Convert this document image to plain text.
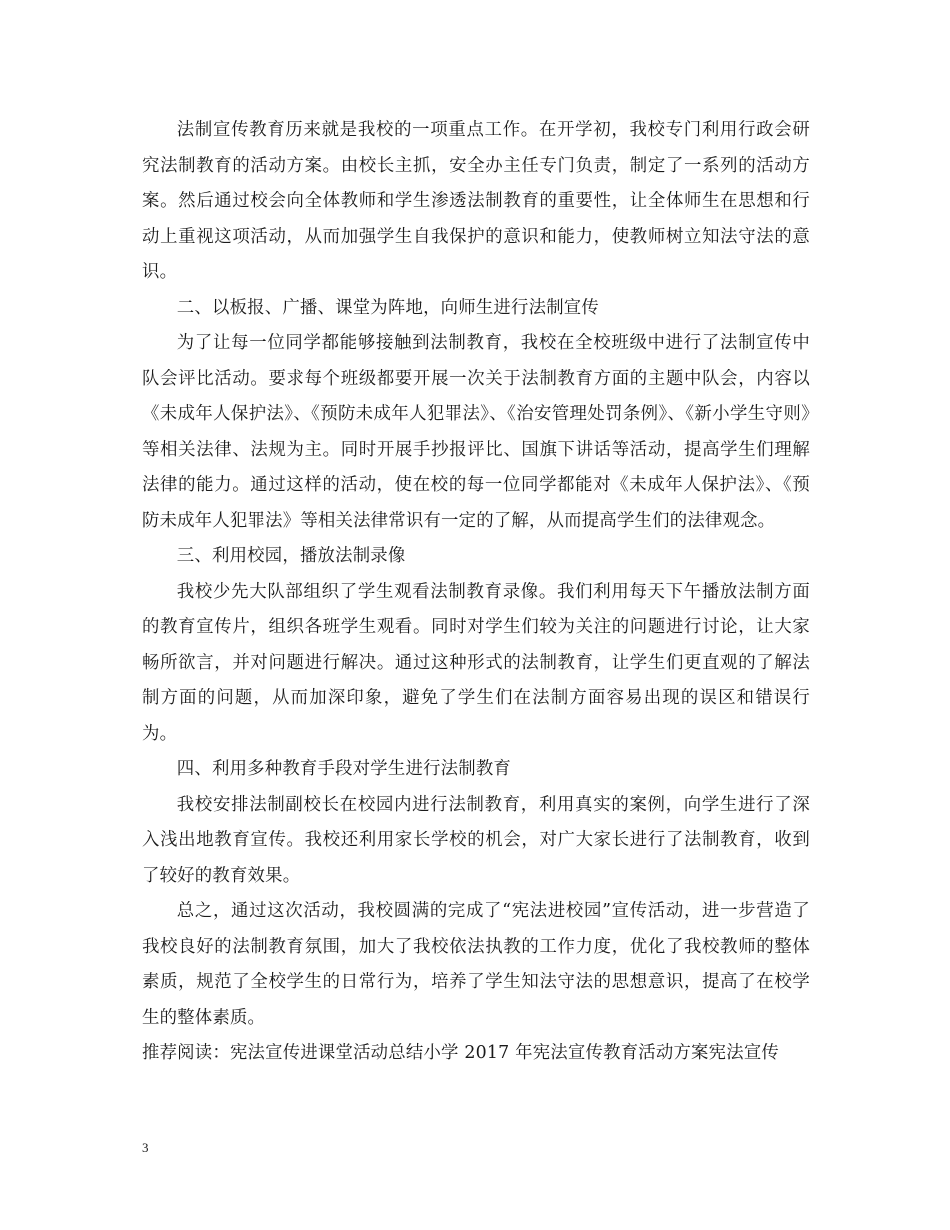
法制宣传教育历来就是我校的一项重点工作。在开学初，我校专门利用行政会研究法制教育的活动方案。由校长主抓，安全办主任专门负责，制定了一系列的活动方案。然后通过校会向全体教师和学生渗透法制教育的重要性，让全体师生在思想和行动上重视这项活动，从而加强学生自我保护的意识和能力，使教师树立知法守法的意识。

二、以板报、广播、课堂为阵地，向师生进行法制宣传

为了让每一位同学都能够接触到法制教育，我校在全校班级中进行了法制宣传中队会评比活动。要求每个班级都要开展一次关于法制教育方面的主题中队会，内容以《未成年人保护法》、《预防未成年人犯罪法》、《治安管理处罚条例》、《新小学生守则》等相关法律、法规为主。同时开展手抄报评比、国旗下讲话等活动，提高学生们理解法律的能力。通过这样的活动，使在校的每一位同学都能对《未成年人保护法》、《预防未成年人犯罪法》等相关法律常识有一定的了解，从而提高学生们的法律观念。

三、利用校园，播放法制录像

我校少先大队部组织了学生观看法制教育录像。我们利用每天下午播放法制方面的教育宣传片，组织各班学生观看。同时对学生们较为关注的问题进行讨论，让大家畅所欲言，并对问题进行解决。通过这种形式的法制教育，让学生们更直观的了解法制方面的问题，从而加深印象，避免了学生们在法制方面容易出现的误区和错误行为。

四、利用多种教育手段对学生进行法制教育

我校安排法制副校长在校园内进行法制教育，利用真实的案例，向学生进行了深入浅出地教育宣传。我校还利用家长学校的机会，对广大家长进行了法制教育，收到了较好的教育效果。

总之，通过这次活动，我校圆满的完成了“宪法进校园”宣传活动，进一步营造了我校良好的法制教育氛围，加大了我校依法执教的工作力度，优化了我校教师的整体素质，规范了全校学生的日常行为，培养了学生知法守法的思想意识，提高了在校学生的整体素质。

推荐阅读：宪法宣传进课堂活动总结小学 2017 年宪法宣传教育活动方案宪法宣传

3
